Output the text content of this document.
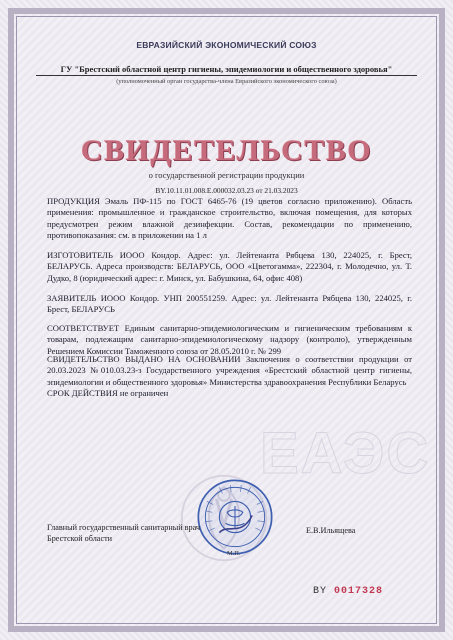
ЕАЭС
ЕВРАЗИЙСКИЙ ЭКОНОМИЧЕСКИЙ СОЮЗ
ГУ "Брестский областной центр гигиены, эпидемиологии и общественного здоровья"
(уполномоченный орган государства-члена Евразийского экономического союза)
СВИДЕТЕЛЬСТВО
о государственной регистрации продукции
BY.10.11.01.008.E.000032.03.23 от 21.03.2023
ПРОДУКЦИЯ Эмаль ПФ-115 по ГОСТ 6465-76 (19 цветов согласно приложению). Область применения: промышленное и гражданское строительство, включая помещения, для которых предусмотрен режим влажной дезинфекции. Состав, рекомендации по применению, противопоказания: см. в приложении на 1 л
ИЗГОТОВИТЕЛЬ ИООО Кондор. Адрес: ул. Лейтенанта Рябцева 130, 224025, г. Брест, БЕЛАРУСЬ. Адреса производств: БЕЛАРУСЬ, ООО «Цветогамма», 222304, г. Молодечно, ул. Т. Дудко, 8 (юридический адрес: г. Минск, ул. Бабушкина, 64, офис 408)
ЗАЯВИТЕЛЬ ИООО Кондор. УНП 200551259. Адрес: ул. Лейтенанта Рябцева 130, 224025, г. Брест, БЕЛАРУСЬ
СООТВЕТСТВУЕТ Единым санитарно-эпидемиологическим и гигиеническим требованиям к товарам, подлежащим санитарно-эпидемиологическому надзору (контролю), утвержденным Решением Комиссии Таможенного союза от 28.05.2010 г. № 299
СВИДЕТЕЛЬСТВО ВЫДАНО НА ОСНОВАНИИ Заключения о соответствии продукции от 20.03.2023 №010.03.23-з Государственного учреждения «Брестский областной центр гигиены, эпидемиологии и общественного здоровья» Министерства здравоохранения Республики Беларусь
СРОК ДЕЙСТВИЯ не ограничен
Главный государственный санитарный врач
Брестской области
Е.В.Ильящева
М.П.
BY 0017328
